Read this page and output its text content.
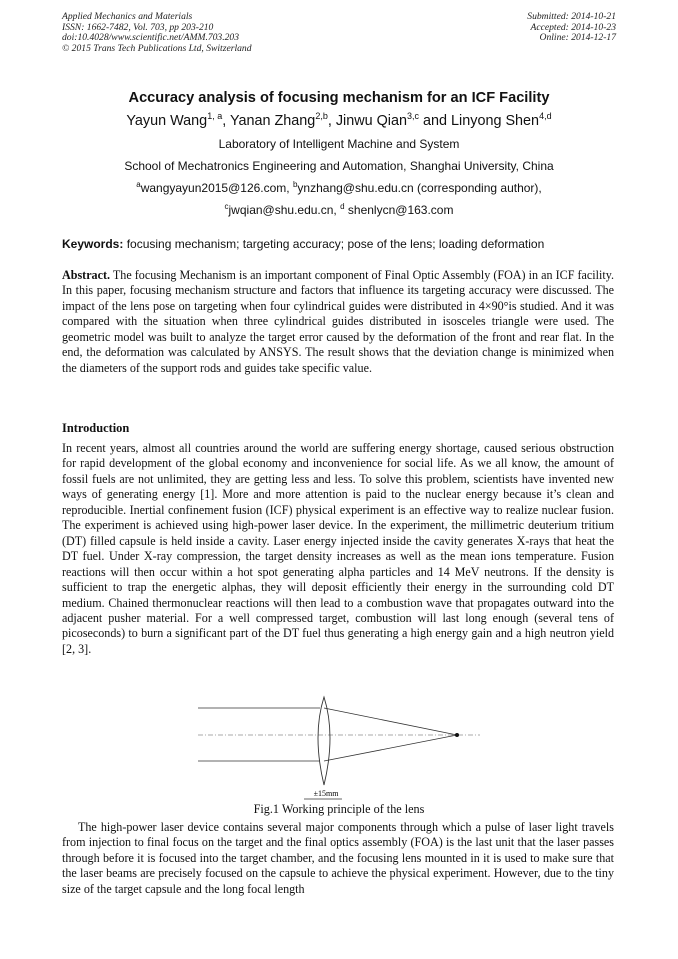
Applied Mechanics and Materials
ISSN: 1662-7482, Vol. 703, pp 203-210
doi:10.4028/www.scientific.net/AMM.703.203
© 2015 Trans Tech Publications Ltd, Switzerland
Submitted: 2014-10-21
Accepted: 2014-10-23
Online: 2014-12-17
Accuracy analysis of focusing mechanism for an ICF Facility
Yayun Wang$^{1, a}$, Yanan Zhang$^{2,b}$, Jinwu Qian$^{3,c}$ and Linyong Shen$^{4,d}$
Laboratory of Intelligent Machine and System
School of Mechatronics Engineering and Automation, Shanghai University, China
$^a$wangyayun2015@126.com, $^b$ynzhang@shu.edu.cn (corresponding author),
$^c$jwqian@shu.edu.cn, $^d$ shenlycn@163.com
Keywords: focusing mechanism; targeting accuracy; pose of the lens; loading deformation
Abstract. The focusing Mechanism is an important component of Final Optic Assembly (FOA) in an ICF facility. In this paper, focusing mechanism structure and factors that influence its targeting accuracy were discussed. The impact of the lens pose on targeting when four cylindrical guides were distributed in 4×90°is studied. And it was compared with the situation when three cylindrical guides distributed in isosceles triangle were used. The geometric model was built to analyze the target error caused by the deformation of the front and rear flat. In the end, the deformation was calculated by ANSYS. The result shows that the deviation change is minimized when the diameters of the support rods and guides take specific value.
Introduction
In recent years, almost all countries around the world are suffering energy shortage, caused serious obstruction for rapid development of the global economy and inconvenience for social life. As we all know, the amount of fossil fuels are not unlimited, they are getting less and less. To solve this problem, scientists have invented new ways of generating energy [1]. More and more attention is paid to the nuclear energy because it’s clean and reproducible. Inertial confinement fusion (ICF) physical experiment is an effective way to realize nuclear fusion. The experiment is achieved using high-power laser device. In the experiment, the millimetric deuterium tritium (DT) filled capsule is held inside a cavity. Laser energy injected inside the cavity generates X-rays that heat the DT fuel. Under X-ray compression, the target density increases as well as the mean ions temperature. Fusion reactions will then occur within a hot spot generating alpha particles and 14 MeV neutrons. If the density is sufficient to trap the energetic alphas, they will deposit efficiently their energy in the surrounding cold DT medium. Chained thermonuclear reactions will then lead to a combustion wave that propagates outward into the adjacent pusher material. For a well compressed target, combustion will last long enough (several tens of picoseconds) to burn a significant part of the DT fuel thus generating a high energy gain and a high neutron yield [2, 3].
±15mm
Fig.1 Working principle of the lens
The high-power laser device contains several major components through which a pulse of laser light travels from injection to final focus on the target and the final optics assembly (FOA) is the last unit that the laser passes through before it is focused into the target chamber, and the focusing lens mounted in it is used to make sure that the laser beams are precisely focused on the capsule to achieve the physical experiment. However, due to the tiny size of the target capsule and the long focal length
